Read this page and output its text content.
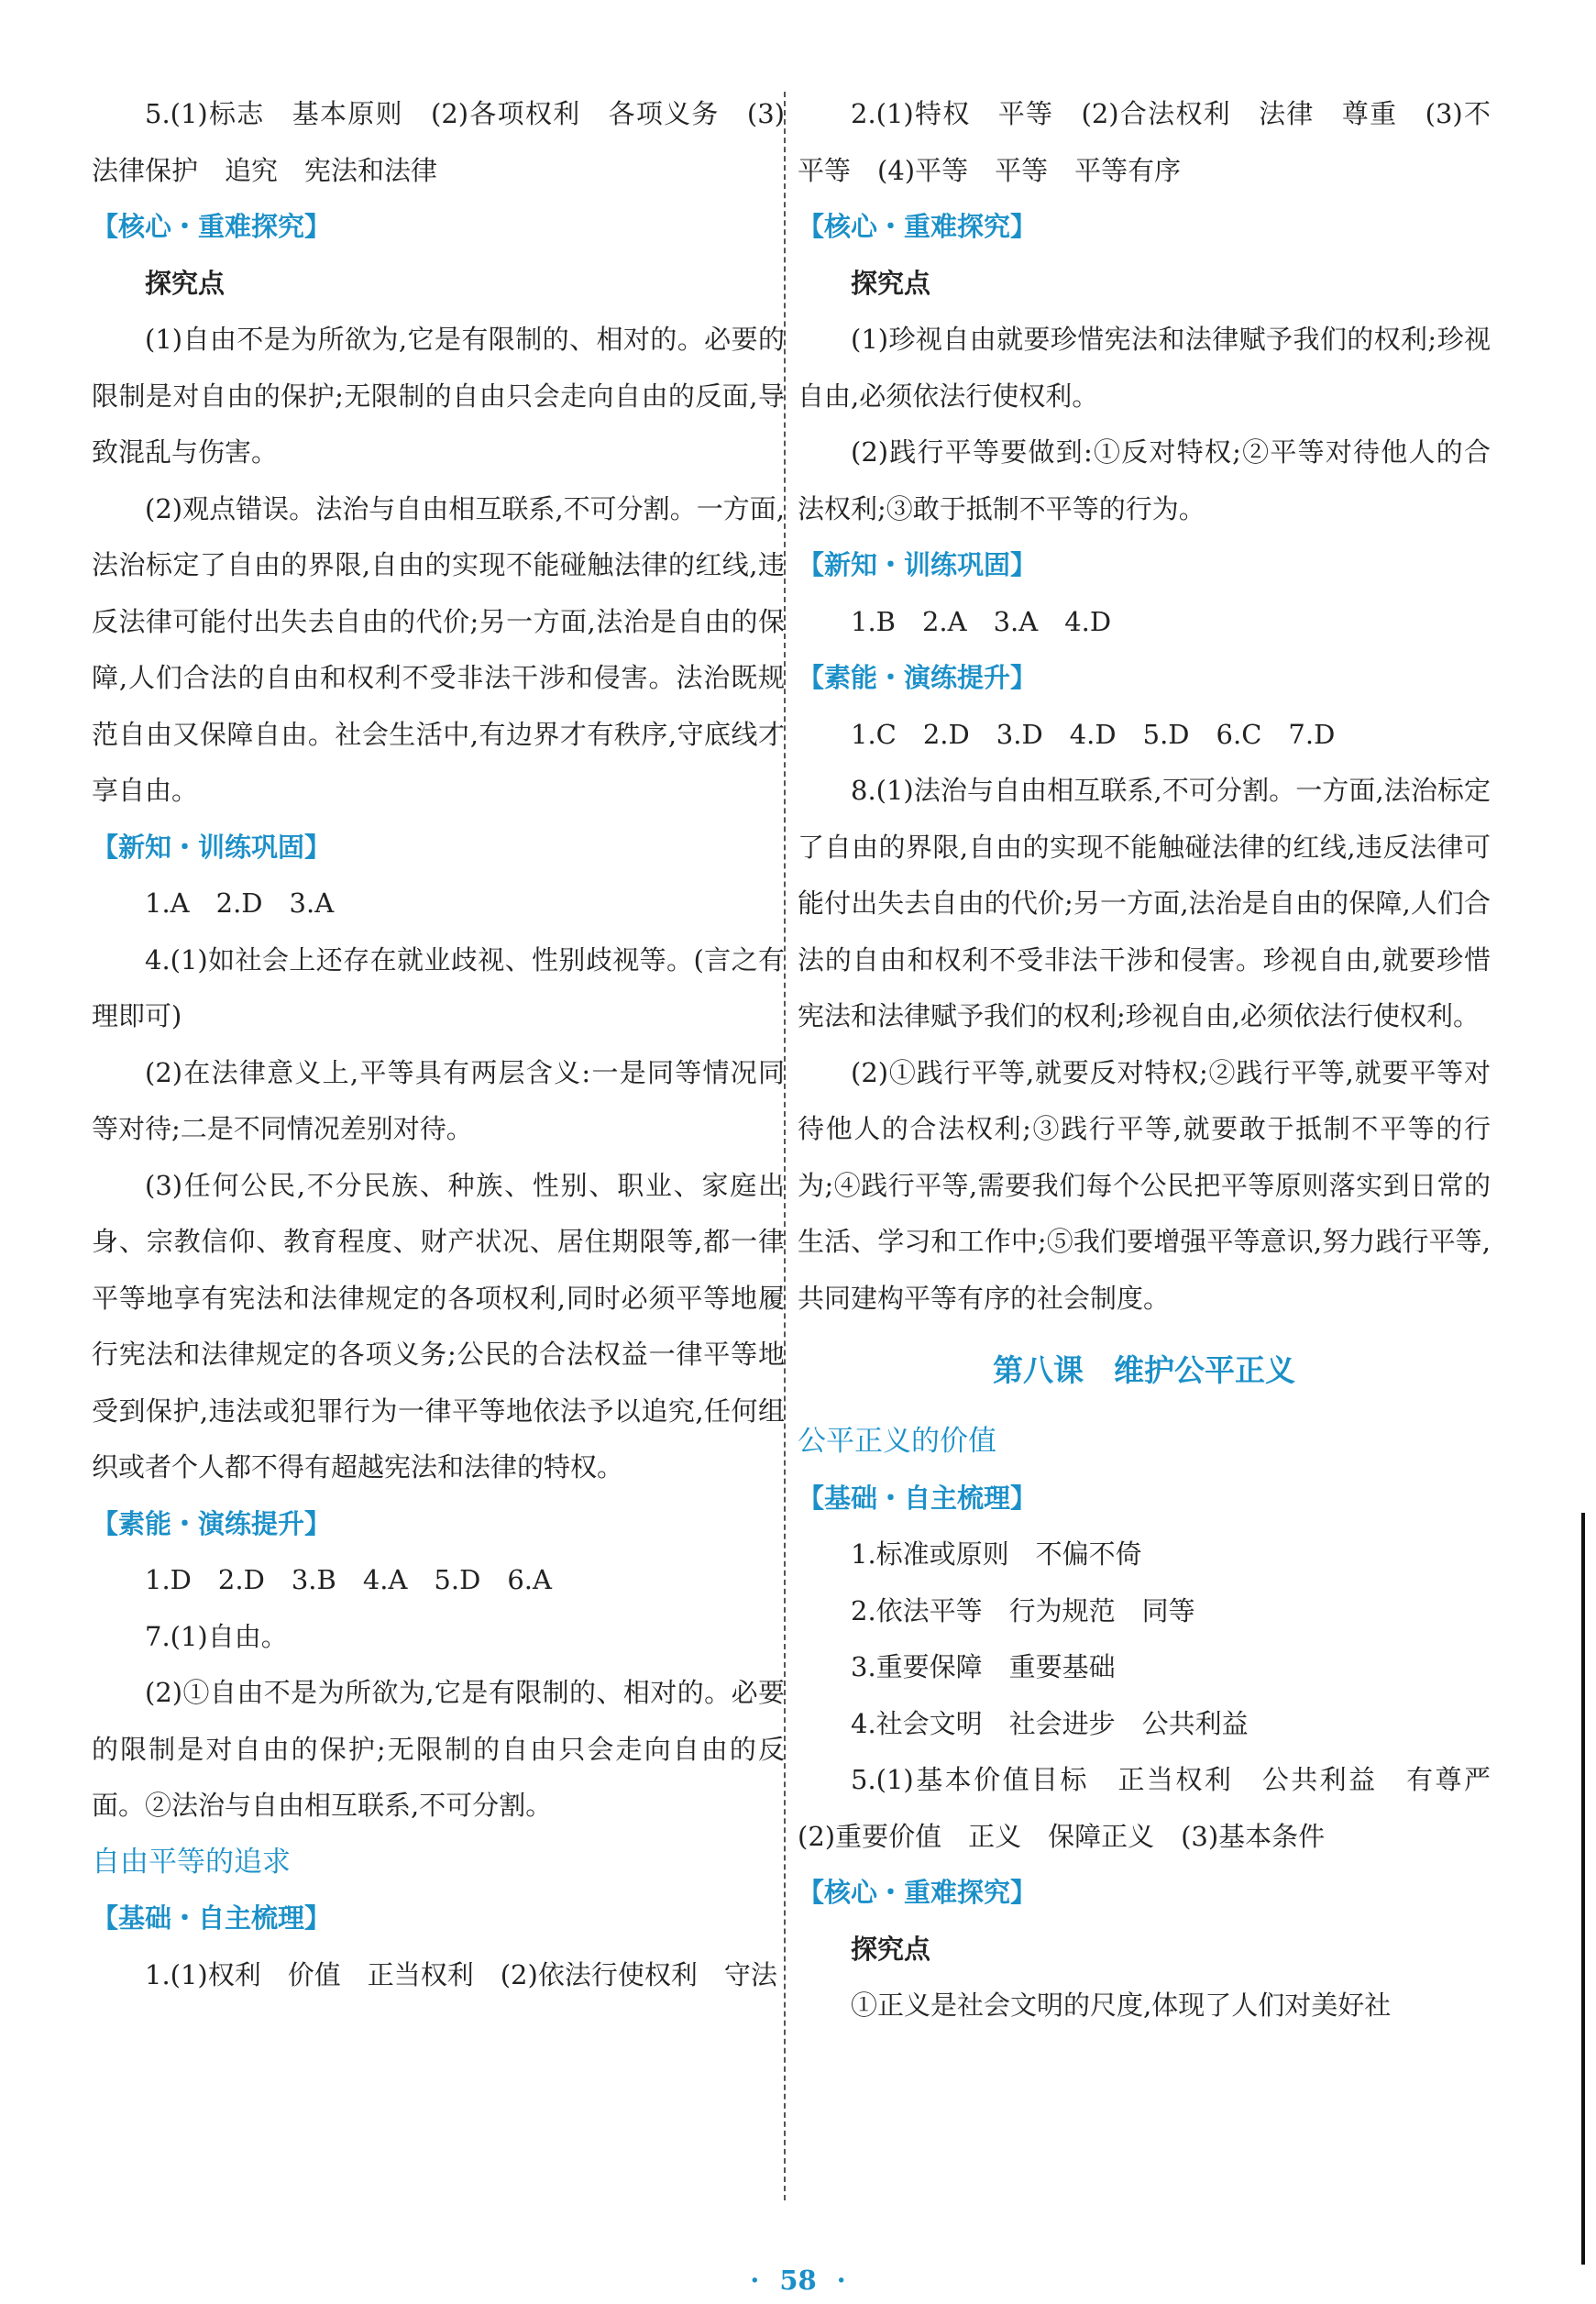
5.(1)标志　基本原则　(2)各项权利　各项义务　(3)法律保护　追究　宪法和法律
【核心・重难探究】
探究点
(1)自由不是为所欲为,它是有限制的、相对的。必要的限制是对自由的保护;无限制的自由只会走向自由的反面,导致混乱与伤害。
(2)观点错误。法治与自由相互联系,不可分割。一方面,法治标定了自由的界限,自由的实现不能碰触法律的红线,违反法律可能付出失去自由的代价;另一方面,法治是自由的保障,人们合法的自由和权利不受非法干涉和侵害。法治既规范自由又保障自由。社会生活中,有边界才有秩序,守底线才享自由。
【新知・训练巩固】
1.A　2.D　3.A
4.(1)如社会上还存在就业歧视、性别歧视等。(言之有理即可)
(2)在法律意义上,平等具有两层含义:一是同等情况同等对待;二是不同情况差别对待。
(3)任何公民,不分民族、种族、性别、职业、家庭出身、宗教信仰、教育程度、财产状况、居住期限等,都一律平等地享有宪法和法律规定的各项权利,同时必须平等地履行宪法和法律规定的各项义务;公民的合法权益一律平等地受到保护,违法或犯罪行为一律平等地依法予以追究,任何组织或者个人都不得有超越宪法和法律的特权。
【素能・演练提升】
1.D　2.D　3.B　4.A　5.D　6.A
7.(1)自由。
(2)①自由不是为所欲为,它是有限制的、相对的。必要的限制是对自由的保护;无限制的自由只会走向自由的反面。②法治与自由相互联系,不可分割。
自由平等的追求
【基础・自主梳理】
1.(1)权利　价值　正当权利　(2)依法行使权利　守法
2.(1)特权　平等　(2)合法权利　法律　尊重　(3)不平等　(4)平等　平等　平等有序
【核心・重难探究】
探究点
(1)珍视自由就要珍惜宪法和法律赋予我们的权利;珍视自由,必须依法行使权利。
(2)践行平等要做到:①反对特权;②平等对待他人的合法权利;③敢于抵制不平等的行为。
【新知・训练巩固】
1.B　2.A　3.A　4.D
【素能・演练提升】
1.C　2.D　3.D　4.D　5.D　6.C　7.D
8.(1)法治与自由相互联系,不可分割。一方面,法治标定了自由的界限,自由的实现不能触碰法律的红线,违反法律可能付出失去自由的代价;另一方面,法治是自由的保障,人们合法的自由和权利不受非法干涉和侵害。珍视自由,就要珍惜宪法和法律赋予我们的权利;珍视自由,必须依法行使权利。
(2)①践行平等,就要反对特权;②践行平等,就要平等对待他人的合法权利;③践行平等,就要敢于抵制不平等的行为;④践行平等,需要我们每个公民把平等原则落实到日常的生活、学习和工作中;⑤我们要增强平等意识,努力践行平等,共同建构平等有序的社会制度。
第八课　维护公平正义
公平正义的价值
【基础・自主梳理】
1.标准或原则　不偏不倚
2.依法平等　行为规范　同等
3.重要保障　重要基础
4.社会文明　社会进步　公共利益
5.(1)基本价值目标　正当权利　公共利益　有尊严　(2)重要价值　正义　保障正义　(3)基本条件
【核心・重难探究】
探究点
①正义是社会文明的尺度,体现了人们对美好社
· 58 ·
